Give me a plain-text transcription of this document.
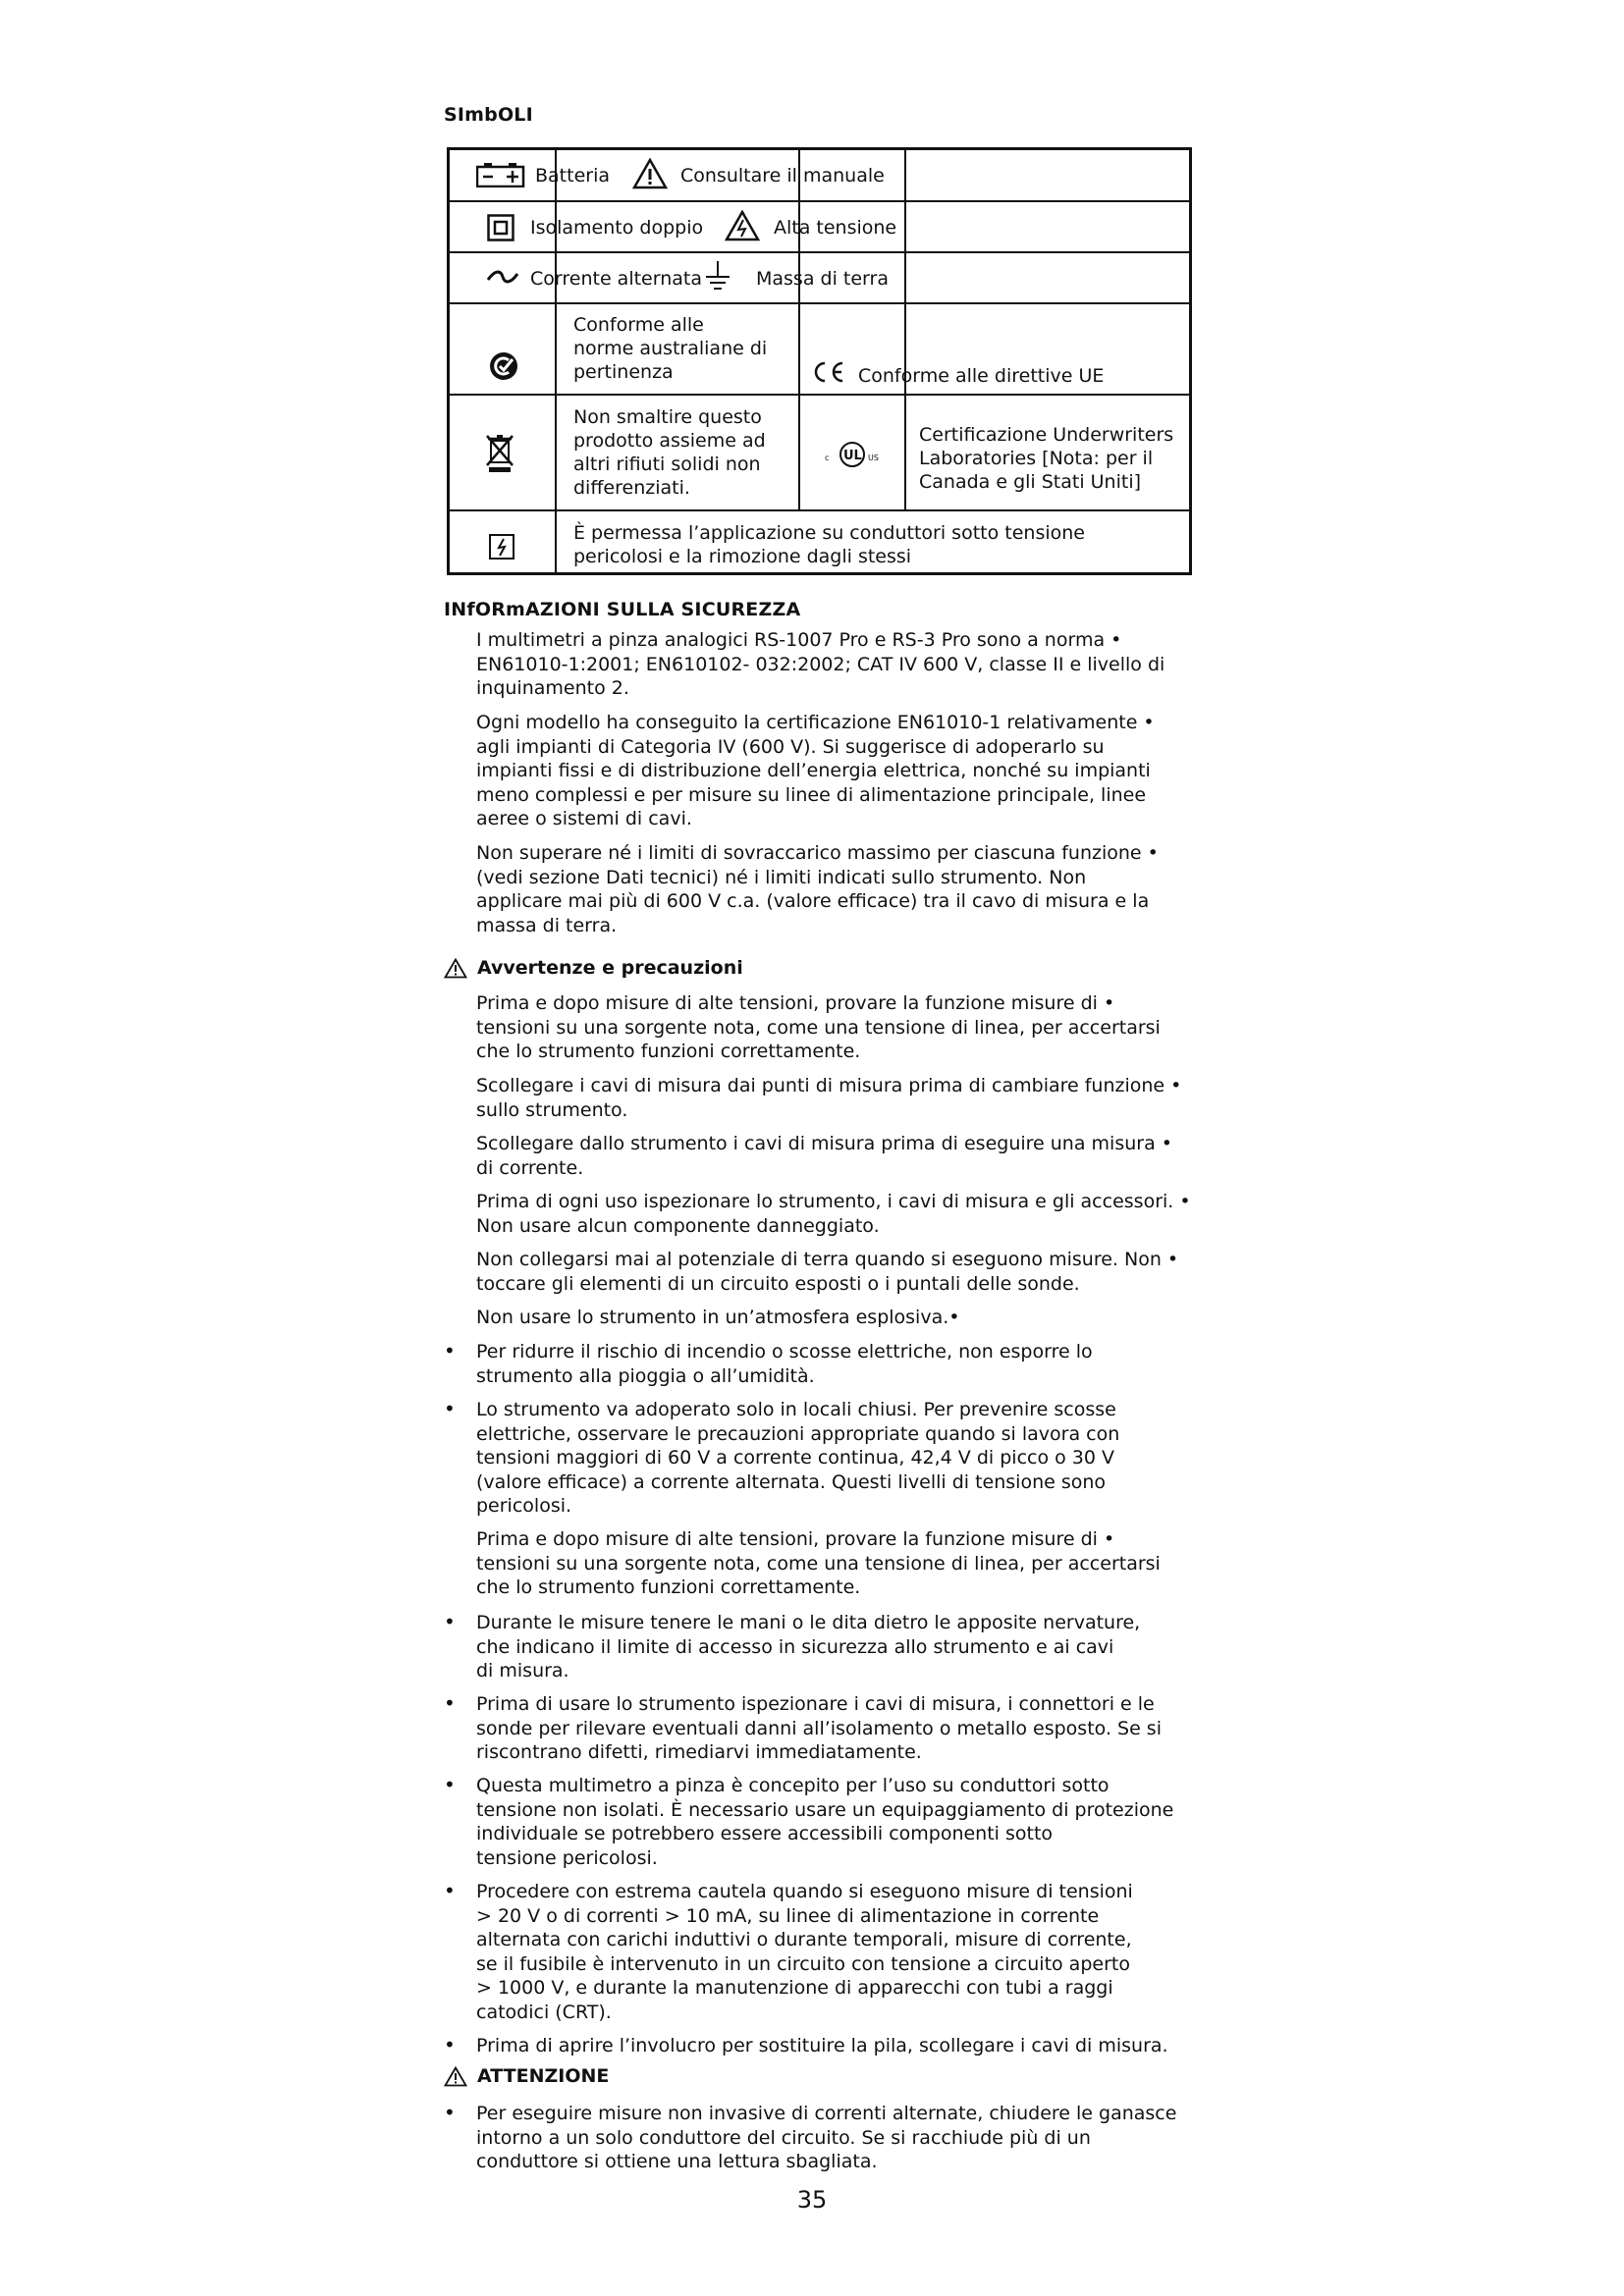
SImbOLI
Batteria	Consultare il manuale
Isolamento doppio	Alta tensione
Corrente alternata	Massa di terra
Conforme alle
norme australiane di
pertinenza	Conforme alle direttive UE
Non smaltire questo
prodotto assieme ad
altri rifiuti solidi non
differenziati.
c UL US
Certificazione Underwriters
Laboratories [Nota: per il
Canada e gli Stati Uniti]
È permessa l’applicazione su conduttori sotto tensione
pericolosi e la rimozione dagli stessi
INfORmAZIONI SULLA SICUREZZA
I multimetri a pinza analogici RS-1007 Pro e RS-3 Pro sono a norma •
EN61010-1:2001; EN610102- 032:2002; CAT IV 600 V, classe II e livello di
inquinamento 2.
Ogni modello ha conseguito la certificazione EN61010-1 relativamente •
agli impianti di Categoria IV (600 V). Si suggerisce di adoperarlo su
impianti fissi e di distribuzione dell’energia elettrica, nonché su impianti
meno complessi e per misure su linee di alimentazione principale, linee
aeree o sistemi di cavi.
Non superare né i limiti di sovraccarico massimo per ciascuna funzione •
(vedi sezione Dati tecnici) né i limiti indicati sullo strumento. Non
applicare mai più di 600 V c.a. (valore efficace) tra il cavo di misura e la
massa di terra.
Avvertenze e precauzioni
Prima e dopo misure di alte tensioni, provare la funzione misure di •
tensioni su una sorgente nota, come una tensione di linea, per accertarsi
che lo strumento funzioni correttamente.
Scollegare i cavi di misura dai punti di misura prima di cambiare funzione •
sullo strumento.
Scollegare dallo strumento i cavi di misura prima di eseguire una misura •
di corrente.
Prima di ogni uso ispezionare lo strumento, i cavi di misura e gli accessori. •
Non usare alcun componente danneggiato.
Non collegarsi mai al potenziale di terra quando si eseguono misure. Non •
toccare gli elementi di un circuito esposti o i puntali delle sonde.
Non usare lo strumento in un’atmosfera esplosiva.•
• Per ridurre il rischio di incendio o scosse elettriche, non esporre lo
strumento alla pioggia o all’umidità.
• Lo strumento va adoperato solo in locali chiusi. Per prevenire scosse
elettriche, osservare le precauzioni appropriate quando si lavora con
tensioni maggiori di 60 V a corrente continua, 42,4 V di picco o 30 V
(valore efficace) a corrente alternata. Questi livelli di tensione sono
pericolosi.
Prima e dopo misure di alte tensioni, provare la funzione misure di •
tensioni su una sorgente nota, come una tensione di linea, per accertarsi
che lo strumento funzioni correttamente.
• Durante le misure tenere le mani o le dita dietro le apposite nervature,
che indicano il limite di accesso in sicurezza allo strumento e ai cavi
di misura.
• Prima di usare lo strumento ispezionare i cavi di misura, i connettori e le
sonde per rilevare eventuali danni all’isolamento o metallo esposto. Se si
riscontrano difetti, rimediarvi immediatamente.
• Questa multimetro a pinza è concepito per l’uso su conduttori sotto
tensione non isolati. È necessario usare un equipaggiamento di protezione
individuale se potrebbero essere accessibili componenti sotto
tensione pericolosi.
• Procedere con estrema cautela quando si eseguono misure di tensioni
> 20 V o di correnti > 10 mA, su linee di alimentazione in corrente
alternata con carichi induttivi o durante temporali, misure di corrente,
se il fusibile è intervenuto in un circuito con tensione a circuito aperto
> 1000 V, e durante la manutenzione di apparecchi con tubi a raggi
catodici (CRT).
• Prima di aprire l’involucro per sostituire la pila, scollegare i cavi di misura.
ATTENZIONE
• Per eseguire misure non invasive di correnti alternate, chiudere le ganasce
intorno a un solo conduttore del circuito. Se si racchiude più di un
conduttore si ottiene una lettura sbagliata.
35
